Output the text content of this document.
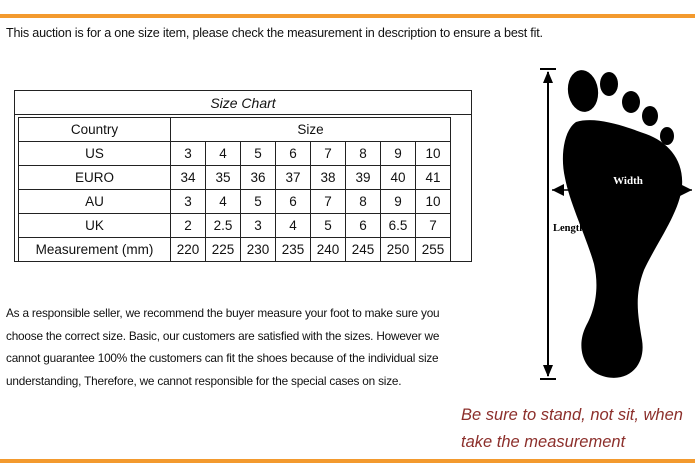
This auction is for a one size item, please check the measurement in description to ensure a best fit.
Size Chart
Country	Size							
US	3	4	5	6	7	8	9	10
EURO	34	35	36	37	38	39	40	41
AU	3	4	5	6	7	8	9	10
UK	2	2.5	3	4	5	6	6.5	7
Measurement (mm)	220	225	230	235	240	245	250	255
As a responsible seller, we recommend the buyer measure your foot to make sure you
choose the correct size. Basic, our customers are satisfied with the sizes. However we
cannot guarantee 100% the customers can fit the shoes because of the individual size
understanding, Therefore, we cannot responsible for the special cases on size.
Width
Length
Be sure to stand, not sit, when
take the measurement
